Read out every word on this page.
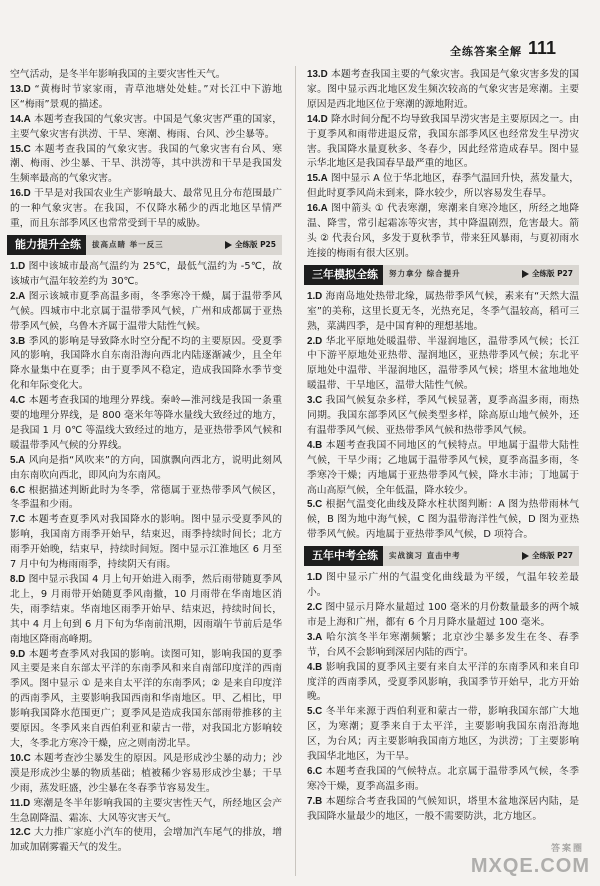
全练答案全解 111
空气活动，是冬半年影响我国的主要灾害性天气。
13.D “黄梅时节家家雨，青草池塘处处蛙。”对长江中下游地区“梅雨”景观的描述。
14.A 本题考查我国的气象灾害。中国是气象灾害严重的国家，主要气象灾害有洪涝、干旱、寒潮、梅雨、台风、沙尘暴等。
15.C 本题考查我国的气象灾害。我国的气象灾害有台风、寒潮、梅雨、沙尘暴、干旱、洪涝等，其中洪涝和干旱是我国发生频率最高的气象灾害。
16.D 干旱是对我国农业生产影响最大、最常见且分布范围最广的一种气象灾害。在我国，不仅降水稀少的西北地区旱情严重，而且东部季风区也常常受到干旱的威胁。
能力提升全练	拔高点睛 举一反三	全练版 P25
1.D 图中该城市最高气温约为 25℃，最低气温约为 -5℃，故该城市气温年较差约为 30℃。
2.A 图示该城市夏季高温多雨，冬季寒冷干燥，属于温带季风气候。四城市中北京属于温带季风气候，广州和成都属于亚热带季风气候，乌鲁木齐属于温带大陆性气候。
3.B 季风的影响是导致降水时空分配不均的主要原因。受夏季风的影响，我国降水自东南沿海向西北内陆逐渐减少，且全年降水量集中在夏季；由于夏季风不稳定，造成我国降水季节变化和年际变化大。
4.C 本题考查我国的地理分界线。秦岭—淮河线是我国一条重要的地理分界线，是 800 毫米年等降水量线大致经过的地方，是我国 1 月 0℃ 等温线大致经过的地方，是亚热带季风气候和暖温带季风气候的分界线。
5.A 风向是指“风吹来”的方向，国旗飘向西北方，说明此刻风由东南吹向西北，即风向为东南风。
6.C 根据描述判断此时为冬季，常德属于亚热带季风气候区，冬季温和少雨。
7.C 本题考查夏季风对我国降水的影响。图中显示受夏季风的影响，我国南方雨季开始早，结束迟，雨季持续时间长；北方雨季开始晚，结束早，持续时间短。图中显示江淮地区 6 月至 7 月中旬为梅雨雨季，持续阴天有雨。
8.D 图中显示我国 4 月上旬开始进入雨季，然后雨带随夏季风北上，9 月雨带开始随夏季风南撤，10 月雨带在华南地区消失，雨季结束。华南地区雨季开始早、结束迟，持续时间长，其中 4 月上旬到 6 月下旬为华南前汛期，因雨端午节前后是华南地区降雨高峰期。
9.D 本题考查季风对我国的影响。读图可知，影响我国的夏季风主要是来自东部太平洋的东南季风和来自南部印度洋的西南季风。图中显示 ① 是来自太平洋的东南季风；② 是来自印度洋的西南季风，主要影响我国西南和华南地区。甲、乙相比，甲影响我国降水范围更广；夏季风是造成我国东部雨带推移的主要原因。冬季风来自西伯利亚和蒙古一带，对我国北方影响较大，冬季北方寒冷干燥，应之则南涝北旱。
10.C 本题考查沙尘暴发生的原因。风是形成沙尘暴的动力；沙漠是形成沙尘暴的物质基础；植被稀少容易形成沙尘暴；干旱少雨，蒸发旺盛，沙尘暴在冬春季节容易发生。
11.D 寒潮是冬半年影响我国的主要灾害性天气，所经地区会产生急剧降温、霜冻、大风等灾害天气。
12.C 大力推广家庭小汽车的使用，会增加汽车尾气的排放，增加或加剧雾霾天气的发生。
13.D 本题考查我国主要的气象灾害。我国是气象灾害多发的国家。图中显示西北地区发生频次较高的气象灾害是寒潮。主要原因是西北地区位于寒潮的源地附近。
14.D 降水时间分配不均导致我国旱涝灾害是主要原因之一。由于夏季风和雨带进退反常，我国东部季风区也经常发生早涝灾害。我国降水量夏秋多、冬春少，因此经常造成春旱。图中显示华北地区是我国春旱最严重的地区。
15.A 图中显示 A 位于华北地区，春季气温回升快，蒸发量大，但此时夏季风尚未到来，降水较少，所以容易发生春旱。
16.A 图中箭头 ① 代表寒潮，寒潮来自寒冷地区，所经之地降温、降雪，常引起霜冻等灾害，其中降温剧烈，危害最大。箭头 ② 代表台风，多发于夏秋季节，带来狂风暴雨，与夏初雨水连接的梅雨有很大区别。
三年模拟全练	努力拿分 综合提升	全练版 P27
1.D 海南岛地处热带北缘，属热带季风气候，素来有“天然大温室”的美称，这里长夏无冬，光热充足，冬季气温较高，稻可三熟，菜满四季，是中国育种的理想基地。
2.D 华北平原地处暖温带、半湿润地区，温带季风气候；长江中下游平原地处亚热带、湿润地区，亚热带季风气候；东北平原地处中温带、半湿润地区，温带季风气候；塔里木盆地地处暖温带、干旱地区，温带大陆性气候。
3.C 我国气候复杂多样，季风气候显著，夏季高温多雨，雨热同期。我国东部季风区气候类型多样，除高原山地气候外，还有温带季风气候、亚热带季风气候和热带季风气候。
4.B 本题考查我国不同地区的气候特点。甲地属于温带大陆性气候，干旱少雨；乙地属于温带季风气候，夏季高温多雨，冬季寒冷干燥；丙地属于亚热带季风气候，降水丰沛；丁地属于高山高原气候，全年低温，降水较少。
5.C 根据气温变化曲线及降水柱状图判断：A 图为热带雨林气候，B 图为地中海气候，C 图为温带海洋性气候，D 图为亚热带季风气候。丙地属于亚热带季风气候，D 项符合。
五年中考全练	实战演习 直击中考	全练版 P27
1.D 图中显示广州的气温变化曲线最为平缓，气温年较差最小。
2.C 图中显示月降水量超过 100 毫米的月份数量最多的两个城市是上海和广州，都有 6 个月月降水量超过 100 毫米。
3.A 哈尔滨冬半年寒潮频繁；北京沙尘暴多发生在冬、春季节，台风不会影响到深居内陆的西宁。
4.B 影响我国的夏季风主要有来自太平洋的东南季风和来自印度洋的西南季风，受夏季风影响，我国季节开始早，北方开始晚。
5.C 冬半年来源于西伯利亚和蒙古一带，影响我国东部广大地区，为寒潮；夏季来自于太平洋，主要影响我国东南沿海地区，为台风；丙主要影响我国南方地区，为洪涝；丁主要影响我国华北地区，为干旱。
6.C 本题考查我国的气候特点。北京属于温带季风气候，冬季寒冷干燥，夏季高温多雨。
7.B 本题综合考查我国的气候知识，塔里木盆地深居内陆，是我国降水量最少的地区，一般不需要防洪，北方地区。
答案圈
MXQE.COM
